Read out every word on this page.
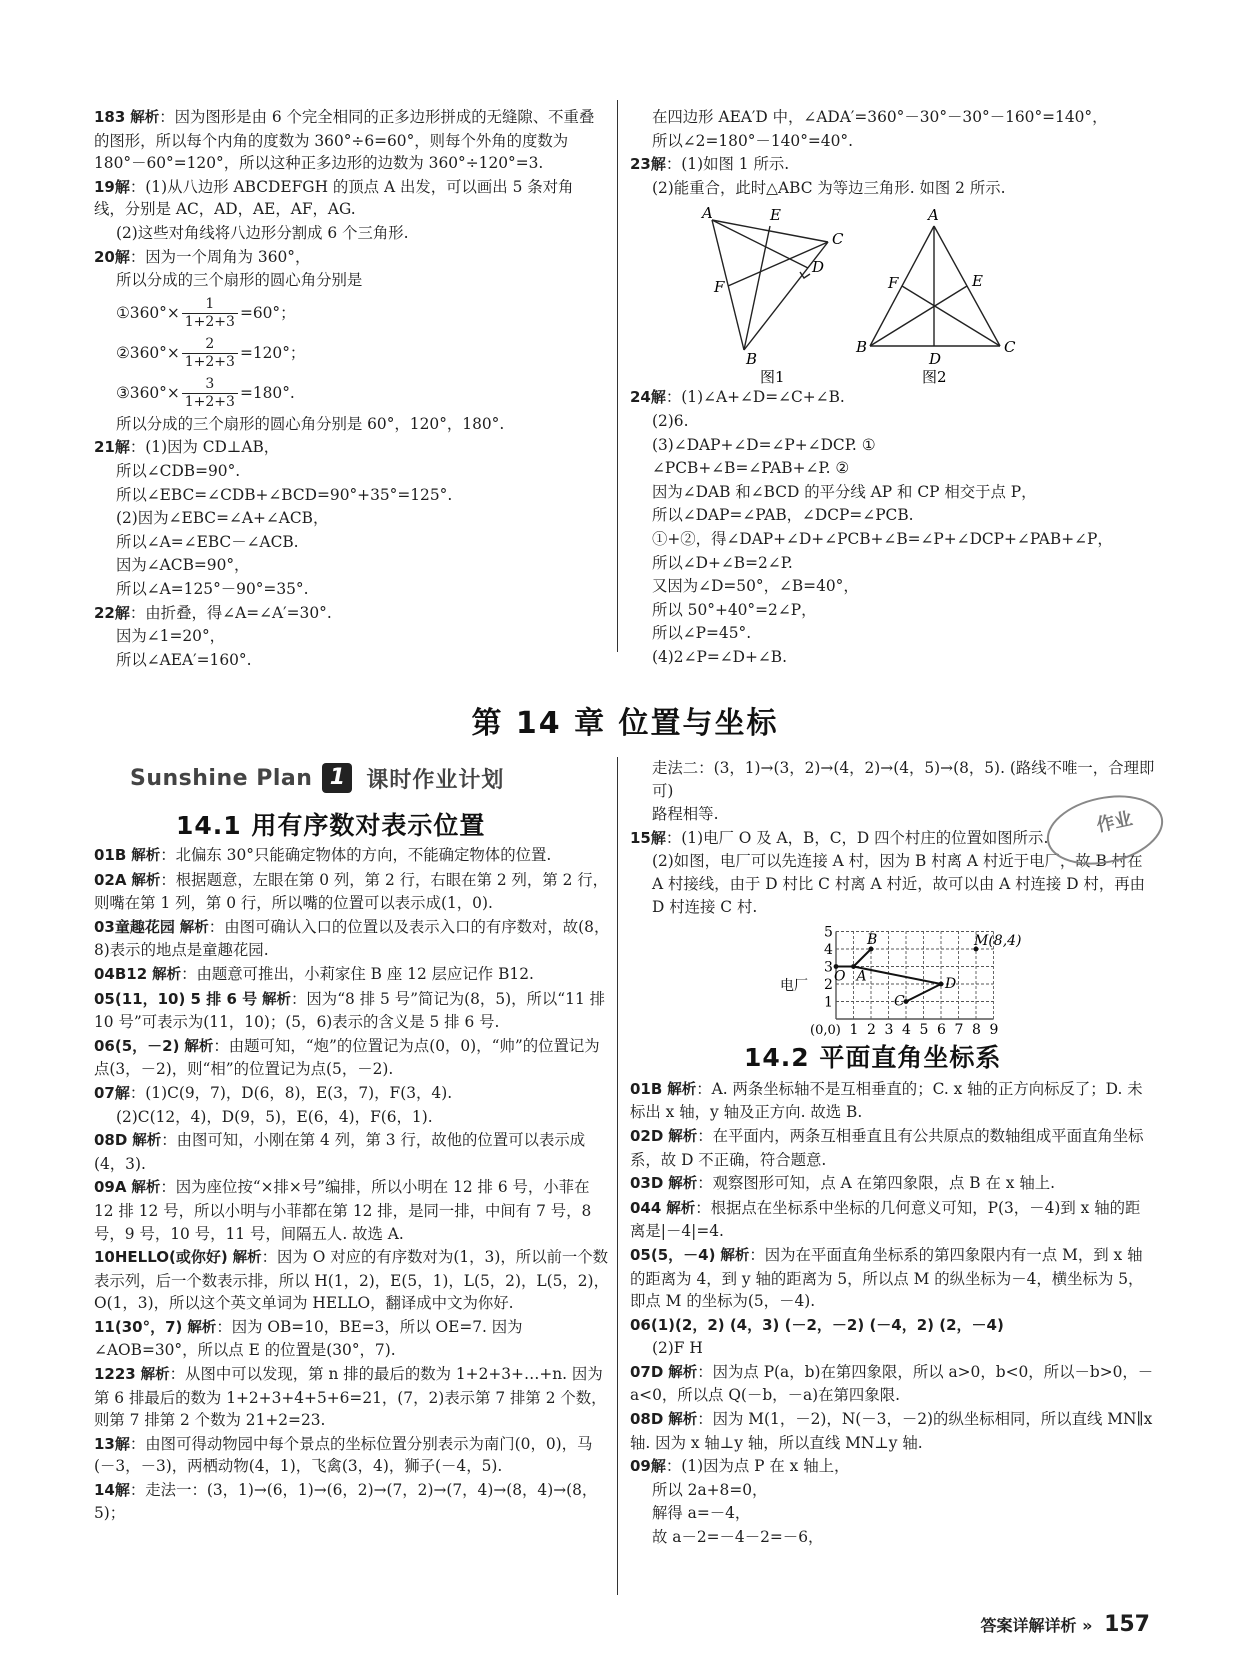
183 解析：因为图形是由 6 个完全相同的正多边形拼成的无缝隙、不重叠的图形，所以每个内角的度数为 360°÷6=60°，则每个外角的度数为 180°－60°=120°，所以这种正多边形的边数为 360°÷120°=3.
19解：(1)从八边形 ABCDEFGH 的顶点 A 出发，可以画出 5 条对角线，分别是 AC，AD，AE，AF，AG.
(2)这些对角线将八边形分割成 6 个三角形.
20解：因为一个周角为 360°，
所以分成的三个扇形的圆心角分别是
①360°× $\frac{1}{1+2+3} =60^\circ$；
②360°× $\frac{2}{1+2+3} =120^\circ$；
③360°× $\frac{3}{1+2+3} =180^\circ$.
所以分成的三个扇形的圆心角分别是 60°，120°，180°.
21解：(1)因为 CD⊥AB，
所以∠CDB=90°.
所以∠EBC=∠CDB+∠BCD=90°+35°=125°.
(2)因为∠EBC=∠A+∠ACB，
所以∠A=∠EBC－∠ACB.
因为∠ACB=90°，
所以∠A=125°－90°=35°.
22解：由折叠，得∠A=∠A′=30°.
因为∠1=20°，
所以∠AEA′=160°.
在四边形 AEA′D 中，∠ADA′=360°－30°－30°－160°=140°，
所以∠2=180°－140°=40°.
23解：(1)如图 1 所示.
(2)能重合，此时△ABC 为等边三角形. 如图 2 所示.
A	E
C
D
F
B
图1
A
F	E
B	C
D
图2
24解：(1)∠A+∠D=∠C+∠B.
(2)6.
(3)∠DAP+∠D=∠P+∠DCP. ①
∠PCB+∠B=∠PAB+∠P. ②
因为∠DAB 和∠BCD 的平分线 AP 和 CP 相交于点 P，
所以∠DAP=∠PAB，∠DCP=∠PCB.
①+②，得∠DAP+∠D+∠PCB+∠B=∠P+∠DCP+∠PAB+∠P，
所以∠D+∠B=2∠P.
又因为∠D=50°，∠B=40°，
所以 50°+40°=2∠P，
所以∠P=45°.
(4)2∠P=∠D+∠B.
第 14 章 位置与坐标
Sunshine Plan 1 课时作业计划
14.1 用有序数对表示位置
01B 解析：北偏东 30°只能确定物体的方向，不能确定物体的位置.
02A 解析：根据题意，左眼在第 0 列，第 2 行，右眼在第 2 列，第 2 行，则嘴在第 1 列，第 0 行，所以嘴的位置可以表示成(1，0).
03童趣花园 解析：由图可确认入口的位置以及表示入口的有序数对，故(8，8)表示的地点是童趣花园.
04B12 解析：由题意可推出，小莉家住 B 座 12 层应记作 B12.
05(11，10) 5 排 6 号 解析：因为“8 排 5 号”简记为(8，5)，所以“11 排 10 号”可表示为(11，10)；(5，6)表示的含义是 5 排 6 号.
06(5，－2) 解析：由题可知，“炮”的位置记为点(0，0)，“帅”的位置记为点(3，－2)，则“相”的位置记为点(5，－2).
07解：(1)C(9，7)，D(6，8)，E(3，7)，F(3，4).
(2)C(12，4)，D(9，5)，E(6，4)，F(6，1).
08D 解析：由图可知，小刚在第 4 列，第 3 行，故他的位置可以表示成(4，3).
09A 解析：因为座位按“×排×号”编排，所以小明在 12 排 6 号，小菲在 12 排 12 号，所以小明与小菲都在第 12 排，是同一排，中间有 7 号，8 号，9 号，10 号，11 号，间隔五人. 故选 A.
10HELLO(或你好) 解析：因为 O 对应的有序数对为(1，3)，所以前一个数表示列，后一个数表示排，所以 H(1，2)，E(5，1)，L(5，2)，L(5，2)，O(1，3)，所以这个英文单词为 HELLO，翻译成中文为你好.
11(30°，7) 解析：因为 OB=10，BE=3，所以 OE=7. 因为∠AOB=30°，所以点 E 的位置是(30°，7).
1223 解析：从图中可以发现，第 n 排的最后的数为 1+2+3+…+n. 因为第 6 排最后的数为 1+2+3+4+5+6=21，(7，2)表示第 7 排第 2 个数，则第 7 排第 2 个数为 21+2=23.
13解：由图可得动物园中每个景点的坐标位置分别表示为南门(0，0)，马(－3，－3)，两栖动物(4，1)，飞禽(3，4)，狮子(－4，5).
14解：走法一：(3，1)→(6，1)→(6，2)→(7，2)→(7，4)→(8，4)→(8，5)；
走法二：(3，1)→(3，2)→(4，2)→(4，5)→(8，5). (路线不唯一，合理即可)
路程相等.
15解：(1)电厂 O 及 A，B，C，D 四个村庄的位置如图所示.
(2)如图，电厂可以先连接 A 村，因为 B 村离 A 村近于电厂，故 B 村在 A 村接线，由于 D 村比 C 村离 A 村近，故可以由 A 村连接 D 村，再由 D 村连接 C 村.
1 2 3 4 5 6 7 8 9
1
2
3
4
5
(0,0)
电厂
O A
B
C
D
M(8,4)
14.2 平面直角坐标系
01B 解析：A. 两条坐标轴不是互相垂直的；C. x 轴的正方向标反了；D. 未标出 x 轴，y 轴及正方向. 故选 B.
02D 解析：在平面内，两条互相垂直且有公共原点的数轴组成平面直角坐标系，故 D 不正确，符合题意.
03D 解析：观察图形可知，点 A 在第四象限，点 B 在 x 轴上.
044 解析：根据点在坐标系中坐标的几何意义可知，P(3，－4)到 x 轴的距离是|－4|=4.
05(5，－4) 解析：因为在平面直角坐标系的第四象限内有一点 M，到 x 轴的距离为 4，到 y 轴的距离为 5，所以点 M 的纵坐标为－4，横坐标为 5，即点 M 的坐标为(5，－4).
06(1)(2，2) (4，3) (－2，－2) (－4，2) (2，－4)
(2)F H
07D 解析：因为点 P(a，b)在第四象限，所以 a>0，b<0，所以－b>0，－a<0，所以点 Q(－b，－a)在第四象限.
08D 解析：因为 M(1，－2)，N(－3，－2)的纵坐标相同，所以直线 MN∥x 轴. 因为 x 轴⊥y 轴，所以直线 MN⊥y 轴.
09解：(1)因为点 P 在 x 轴上，
所以 2a+8=0，
解得 a=－4，
故 a－2=－4－2=－6，
作业
答案详解详析 » 157
